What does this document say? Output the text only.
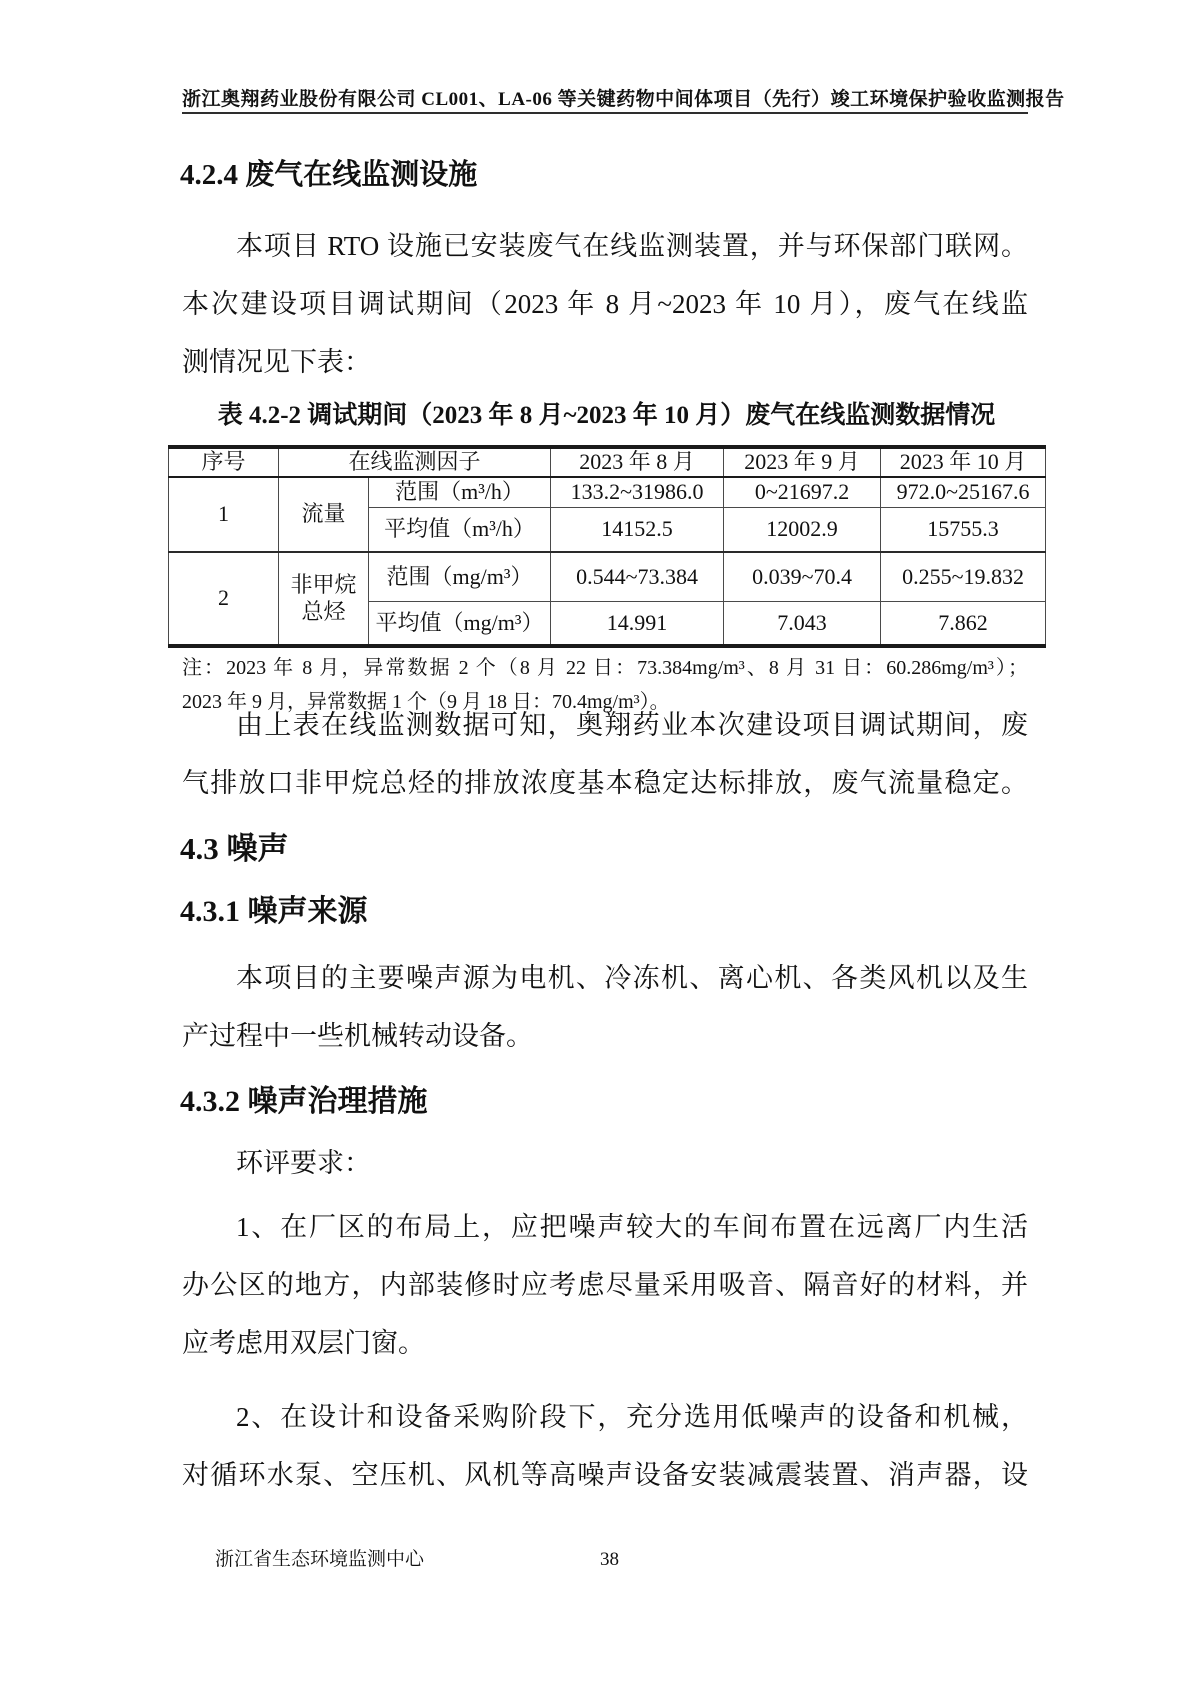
浙江奥翔药业股份有限公司 CL001、LA-06 等关键药物中间体项目（先行）竣工环境保护验收监测报告
4.2.4 废气在线监测设施
本项目 RTO 设施已安装废气在线监测装置，并与环保部门联网。
本次建设项目调试期间（2023 年 8 月~2023 年 10 月），废气在线监
测情况见下表：
表 4.2-2 调试期间（2023 年 8 月~2023 年 10 月）废气在线监测数据情况
序号	在线监测因子		2023 年 8 月	2023 年 9 月	2023 年 10 月
1	流量	范围（m³/h）	133.2~31986.0	0~21697.2	972.0~25167.6
		平均值（m³/h）	14152.5	12002.9	15755.3
2	非甲烷总烃	范围（mg/m³）	0.544~73.384	0.039~70.4	0.255~19.832
		平均值（mg/m³）	14.991	7.043	7.862
注：2023 年 8 月，异常数据 2 个（8 月 22 日：73.384mg/m³、8 月 31 日：60.286mg/m³）；
2023 年 9 月，异常数据 1 个（9 月 18 日：70.4mg/m³）。
由上表在线监测数据可知，奥翔药业本次建设项目调试期间，废
气排放口非甲烷总烃的排放浓度基本稳定达标排放，废气流量稳定。
4.3 噪声
4.3.1 噪声来源
本项目的主要噪声源为电机、冷冻机、离心机、各类风机以及生
产过程中一些机械转动设备。
4.3.2 噪声治理措施
环评要求：
1、在厂区的布局上，应把噪声较大的车间布置在远离厂内生活
办公区的地方，内部装修时应考虑尽量采用吸音、隔音好的材料，并
应考虑用双层门窗。
2、在设计和设备采购阶段下，充分选用低噪声的设备和机械，
对循环水泵、空压机、风机等高噪声设备安装减震装置、消声器，设
浙江省生态环境监测中心	38
